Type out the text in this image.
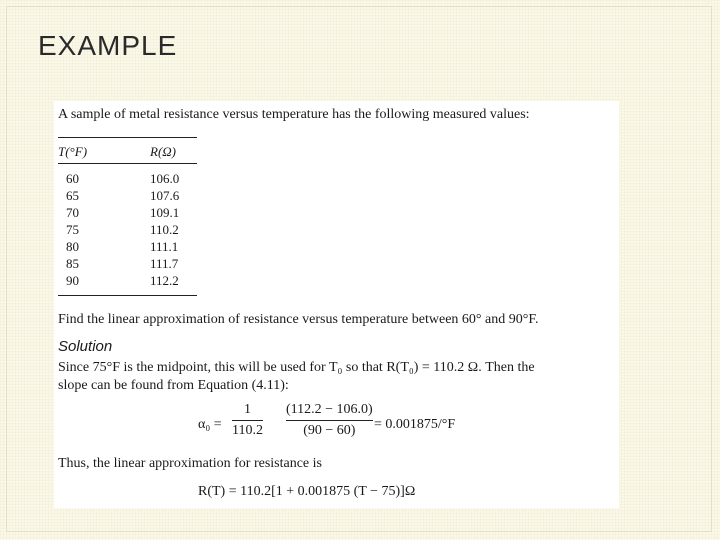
EXAMPLE
A sample of metal resistance versus temperature has the following measured values:
T(°F)	R(Ω)
60	106.0
65	107.6
70	109.1
75	110.2
80	111.1
85	111.7
90	112.2
Find the linear approximation of resistance versus temperature between 60° and 90°F.
Solution
Since 75°F is the midpoint, this will be used for T₀ so that R(T₀) = 110.2 Ω. Then the
slope can be found from Equation (4.11):
α₀ =
1
110.2
(112.2 − 106.0)
(90 − 60) = 0.001875/°F
Thus, the linear approximation for resistance is
R(T) = 110.2[1 + 0.001875 (T − 75)]Ω
